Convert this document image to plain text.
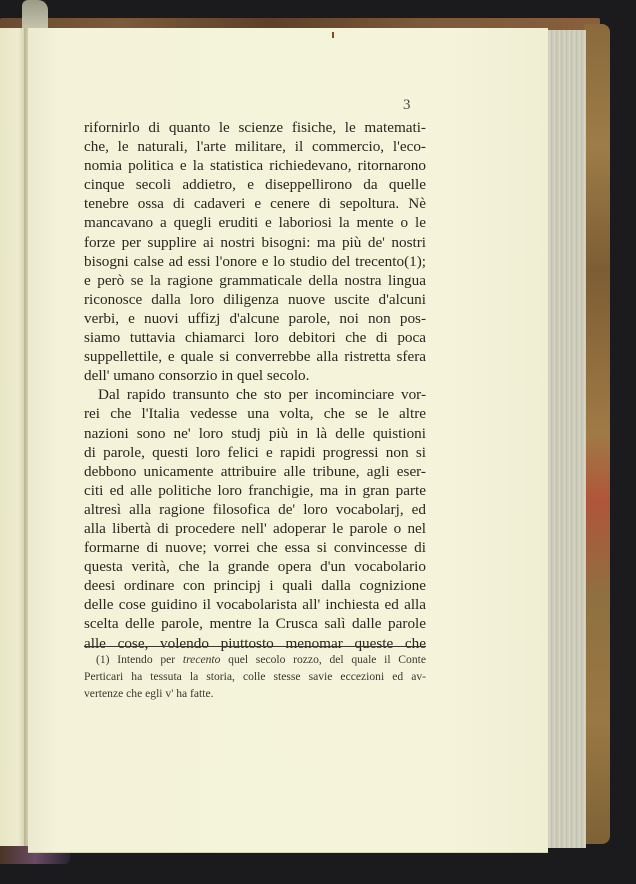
3
rifornirlo di quanto le scienze fisiche, le matemati-
che, le naturali, l'arte militare, il commercio, l'eco-
nomia politica e la statistica richiedevano, ritornarono
cinque secoli addietro, e diseppellirono da quelle
tenebre ossa di cadaveri e cenere di sepoltura. Nè
mancavano a quegli eruditi e laboriosi la mente o le
forze per supplire ai nostri bisogni: ma più de' nostri
bisogni calse ad essi l'onore e lo studio del trecento(1);
e però se la ragione grammaticale della nostra lingua
riconosce dalla loro diligenza nuove uscite d'alcuni
verbi, e nuovi uffizj d'alcune parole, noi non pos-
siamo tuttavia chiamarci loro debitori che di poca
suppellettile, e quale si converrebbe alla ristretta sfera
dell' umano consorzio in quel secolo.
Dal rapido transunto che sto per incominciare vor-
rei che l'Italia vedesse una volta, che se le altre
nazioni sono ne' loro studj più in là delle quistioni
di parole, questi loro felici e rapidi progressi non si
debbono unicamente attribuire alle tribune, agli eser-
citi ed alle politiche loro franchigie, ma in gran parte
altresì alla ragione filosofica de' loro vocabolarj, ed
alla libertà di procedere nell' adoperar le parole o nel
formarne di nuove; vorrei che essa si convincesse di
questa verità, che la grande opera d'un vocabolario
deesi ordinare con principj i quali dalla cognizione
delle cose guidino il vocabolarista all' inchiesta ed alla
scelta delle parole, mentre la Crusca salì dalle parole
alle cose, volendo piuttosto menomar queste che
(1) Intendo per trecento quel secolo rozzo, del quale il Conte
Perticari ha tessuta la storia, colle stesse savie eccezioni ed av-
vertenze che egli v' ha fatte.
